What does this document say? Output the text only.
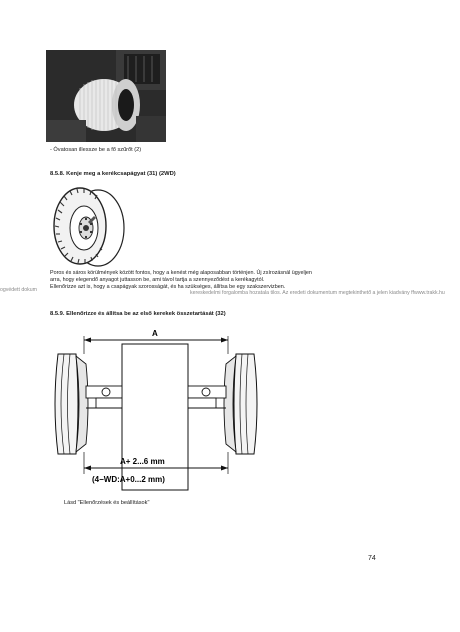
- Óvatosan illessze be a fő szűrőt (2)
8.5.8. Kenje meg a kerékcsapágyat (31) (2WD)
Poros és sáros körülmények között fontos, hogy a kenést még alaposabban történjen. Új zsírozásnál ügyeljen
arra, hogy elegendő anyagot juttasson be, ami távol tartja a szennyeződést a kerékagytól.
ogvédett dokum	kereskedelmi forgalomba hozatala tilos. Az eredeti dokumentum megtekinthető a jelen kiadvány ffwww.trakk.hu
Ellenőrizze azt is, hogy a csapágyak szorosságát, és ha szükséges, állítsa be egy szakszervizben.
8.5.9. Ellenőrizze és állítsa be az első kerekek összetartását (32)
A
A+ 2...6 mm
(4−WD:A+0...2 mm)
Lásd "Ellenőrzések és beállítások"
74
